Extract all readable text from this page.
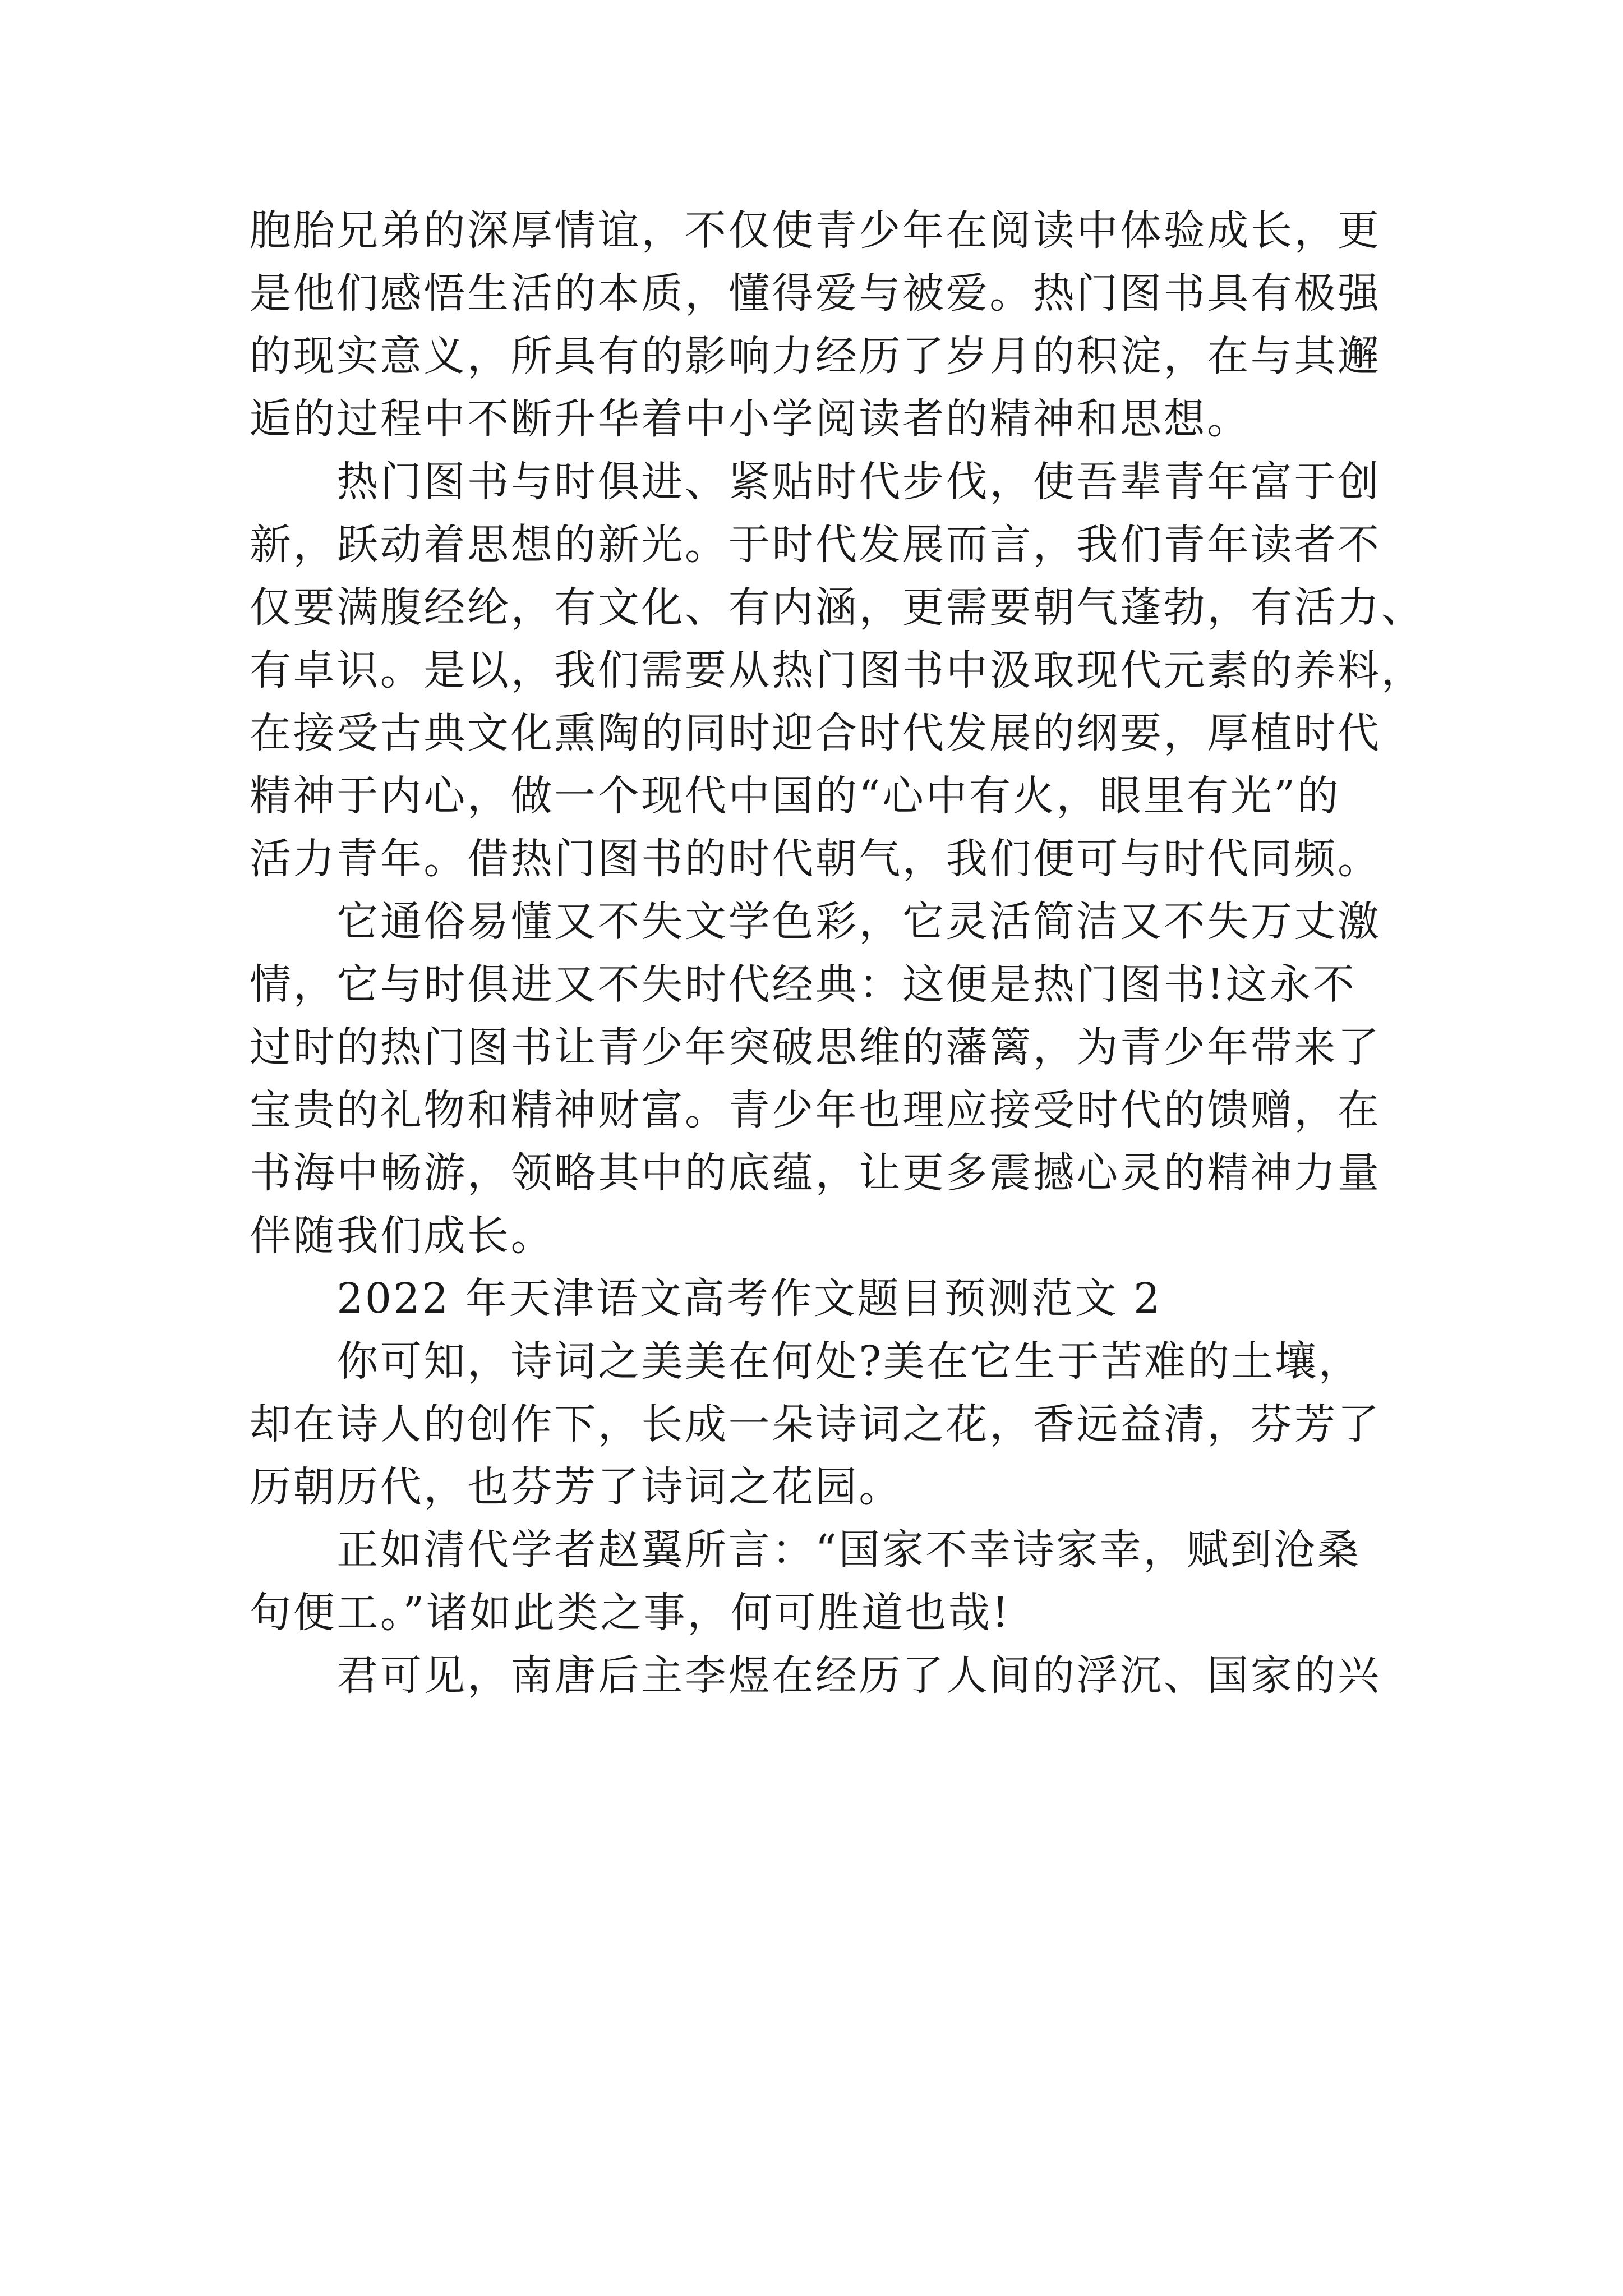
胞胎兄弟的深厚情谊，不仅使青少年在阅读中体验成长，更
是他们感悟生活的本质，懂得爱与被爱。热门图书具有极强
的现实意义，所具有的影响力经历了岁月的积淀，在与其邂
逅的过程中不断升华着中小学阅读者的精神和思想。
　　热门图书与时俱进、紧贴时代步伐，使吾辈青年富于创
新，跃动着思想的新光。于时代发展而言，我们青年读者不
仅要满腹经纶，有文化、有内涵，更需要朝气蓬勃，有活力、
有卓识。是以，我们需要从热门图书中汲取现代元素的养料，
在接受古典文化熏陶的同时迎合时代发展的纲要，厚植时代
精神于内心，做一个现代中国的“心中有火，眼里有光”的
活力青年。借热门图书的时代朝气，我们便可与时代同频。
　　它通俗易懂又不失文学色彩，它灵活简洁又不失万丈激
情，它与时俱进又不失时代经典：这便是热门图书!这永不
过时的热门图书让青少年突破思维的藩篱，为青少年带来了
宝贵的礼物和精神财富。青少年也理应接受时代的馈赠，在
书海中畅游，领略其中的底蕴，让更多震撼心灵的精神力量
伴随我们成长。
　　2022 年天津语文高考作文题目预测范文 2
　　你可知，诗词之美美在何处?美在它生于苦难的土壤，
却在诗人的创作下，长成一朵诗词之花，香远益清，芬芳了
历朝历代，也芬芳了诗词之花园。
　　正如清代学者赵翼所言：“国家不幸诗家幸，赋到沧桑
句便工。”诸如此类之事，何可胜道也哉!
　　君可见，南唐后主李煜在经历了人间的浮沉、国家的兴
